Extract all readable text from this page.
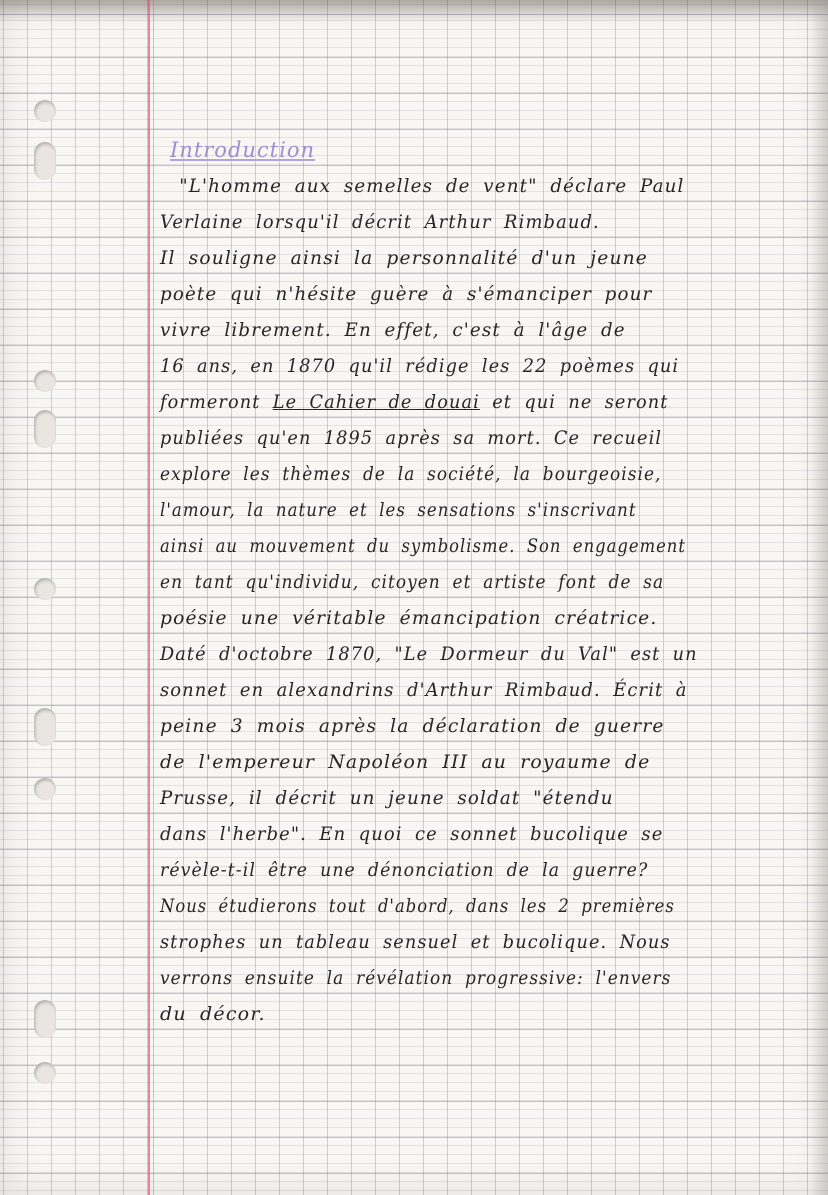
Introduction
"L'homme aux semelles de vent" déclare Paul
Verlaine lorsqu'il décrit Arthur Rimbaud.
Il souligne ainsi la personnalité d'un jeune
poète qui n'hésite guère à s'émanciper pour
vivre librement. En effet, c'est à l'âge de
16 ans, en 1870 qu'il rédige les 22 poèmes qui
formeront Le Cahier de douai et qui ne seront
publiées qu'en 1895 après sa mort. Ce recueil
explore les thèmes de la société, la bourgeoisie,
l'amour, la nature et les sensations s'inscrivant
ainsi au mouvement du symbolisme. Son engagement
en tant qu'individu, citoyen et artiste font de sa
poésie une véritable émancipation créatrice.
Daté d'octobre 1870, "Le Dormeur du Val" est un
sonnet en alexandrins d'Arthur Rimbaud. Écrit à
peine 3 mois après la déclaration de guerre
de l'empereur Napoléon III au royaume de
Prusse, il décrit un jeune soldat "étendu
dans l'herbe". En quoi ce sonnet bucolique se
révèle-t-il être une dénonciation de la guerre?
Nous étudierons tout d'abord, dans les 2 premières
strophes un tableau sensuel et bucolique. Nous
verrons ensuite la révélation progressive: l'envers
du décor.
